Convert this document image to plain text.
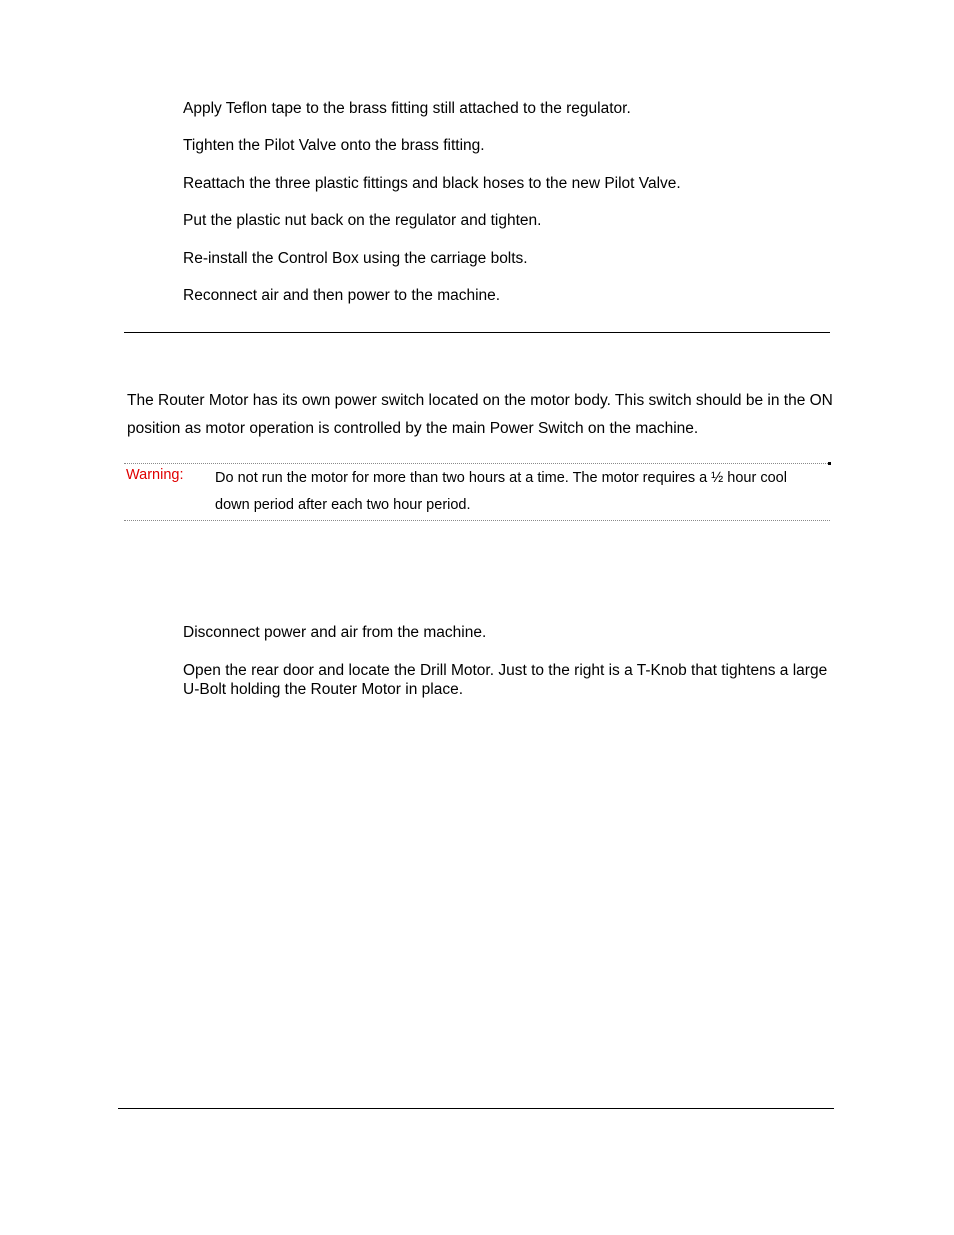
Apply Teflon tape to the brass fitting still attached to the regulator.
Tighten the Pilot Valve onto the brass fitting.
Reattach the three plastic fittings and black hoses to the new Pilot Valve.
Put the plastic nut back on the regulator and tighten.
Re-install the Control Box using the carriage bolts.
Reconnect air and then power to the machine.
The Router Motor has its own power switch located on the motor body. This switch should be in the ON position as motor operation is controlled by the main Power Switch on the machine.
Warning: Do not run the motor for more than two hours at a time. The motor requires a ½ hour cool down period after each two hour period.
Disconnect power and air from the machine.
Open the rear door and locate the Drill Motor. Just to the right is a T-Knob that tightens a large U-Bolt holding the Router Motor in place.
